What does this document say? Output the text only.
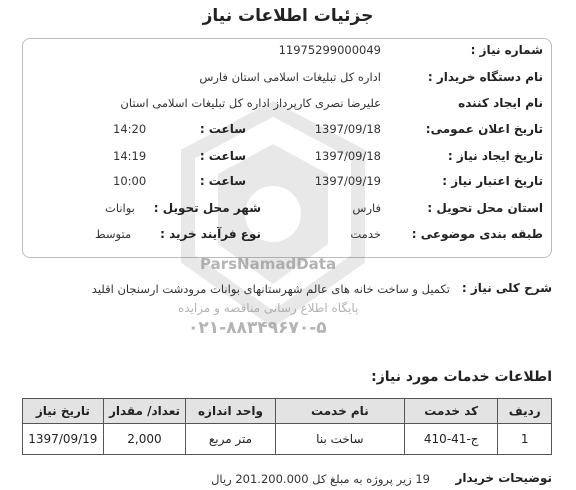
جزئیات اطلاعات نیاز
شماره نیاز :
11975299000049
نام دستگاه خریدار :
اداره کل تبلیغات اسلامی استان فارس
نام ایجاد کننده
علیرضا نصری کارپرداز اداره کل تبلیغات اسلامی استان
تاریخ اعلان عمومی:
1397/09/18
ساعت :
14:20
تاریخ ایجاد نیاز :
1397/09/18
ساعت :
14:19
تاریخ اعتبار نیاز :
1397/09/19
ساعت :
10:00
استان محل تحویل :
فارس
شهر محل تحویل :
بوانات
طبقه بندی موضوعی :
خدمت
نوع فرآیند خرید :
متوسط
ParsNamadData
پایگاه اطلاع رسانی مناقصه و مزایده
۰۲۱-۸۸۳۴۹۶۷۰-۵
شرح کلی نیاز :
تکمیل و ساخت خانه های عالم شهرستانهای بوانات مرودشت ارسنجان اقلید
اطلاعات خدمات مورد نیاز:
ردیف	کد خدمت	نام خدمت	واحد اندازه	تعداد/ مقدار	تاریخ نیاز
1	ج-41-410	ساخت بنا	متر مربع	2,000	1397/09/19
توضیحات خریدار
19 زیر پروژه به مبلغ کل 201.200.000 ریال
